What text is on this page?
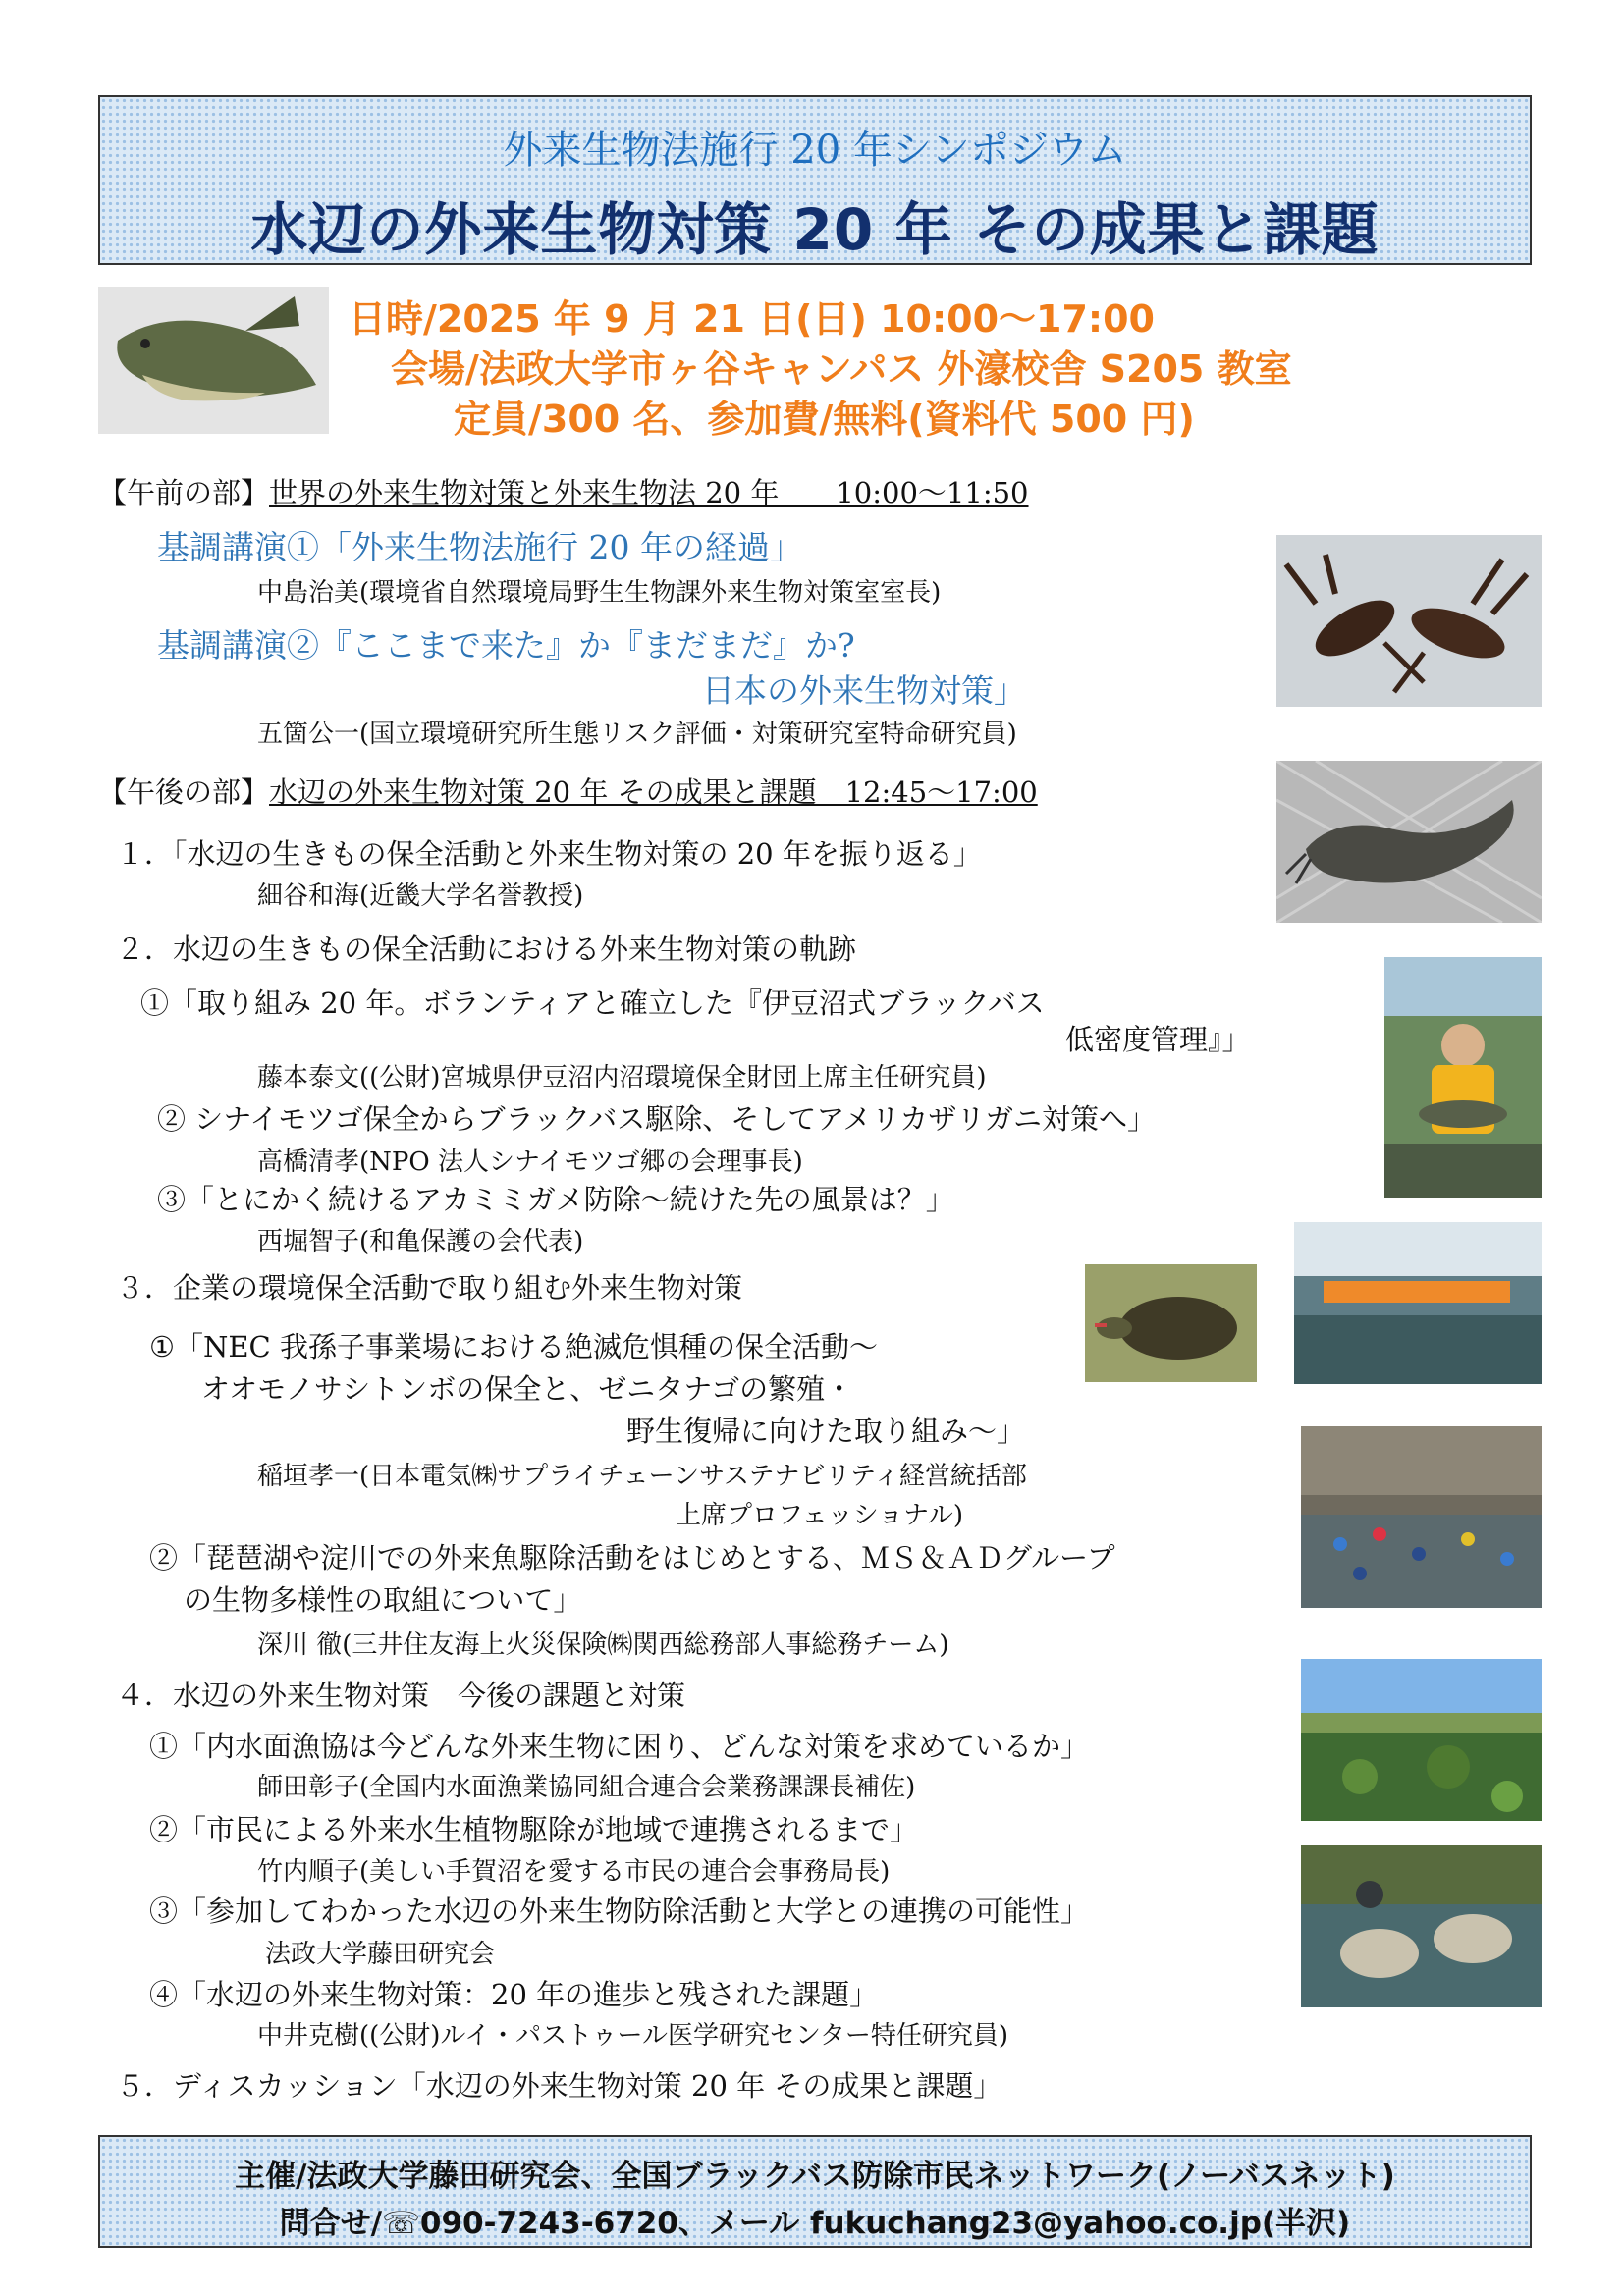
外来生物法施行 20 年シンポジウム
水辺の外来生物対策 20 年 その成果と課題
日時/2025 年 9 月 21 日(日) 10:00～17:00
会場/法政大学市ヶ谷キャンパス 外濠校舎 S205 教室
定員/300 名、参加費/無料(資料代 500 円)
【午前の部】世界の外来生物対策と外来生物法 20 年　　10:00～11:50
基調講演①「外来生物法施行 20 年の経過」
中島治美(環境省自然環境局野生生物課外来生物対策室室長)
基調講演②『ここまで来た』か『まだまだ』か?
日本の外来生物対策」
五箇公一(国立環境研究所生態リスク評価・対策研究室特命研究員)
【午後の部】水辺の外来生物対策 20 年 その成果と課題　12:45～17:00
１．「水辺の生きもの保全活動と外来生物対策の 20 年を振り返る」
細谷和海(近畿大学名誉教授)
２．水辺の生きもの保全活動における外来生物対策の軌跡
①「取り組み 20 年。ボランティアと確立した『伊豆沼式ブラックバス
低密度管理』」
藤本泰文((公財)宮城県伊豆沼内沼環境保全財団上席主任研究員)
② シナイモツゴ保全からブラックバス駆除、そしてアメリカザリガニ対策へ」
高橋清孝(NPO 法人シナイモツゴ郷の会理事長)
③「とにかく続けるアカミミガメ防除～続けた先の風景は？」
西堀智子(和亀保護の会代表)
３．企業の環境保全活動で取り組む外来生物対策
①「NEC 我孫子事業場における絶滅危惧種の保全活動～
オオモノサシトンボの保全と、ゼニタナゴの繁殖・
野生復帰に向けた取り組み～」
稲垣孝一(日本電気㈱サプライチェーンサステナビリティ経営統括部
上席プロフェッショナル)
②「琵琶湖や淀川での外来魚駆除活動をはじめとする、ＭＳ＆ＡＤグループ
の生物多様性の取組について」
深川 徹(三井住友海上火災保険㈱関西総務部人事総務チーム)
４．水辺の外来生物対策　今後の課題と対策
①「内水面漁協は今どんな外来生物に困り、どんな対策を求めているか」
師田彰子(全国内水面漁業協同組合連合会業務課課長補佐)
②「市民による外来水生植物駆除が地域で連携されるまで」
竹内順子(美しい手賀沼を愛する市民の連合会事務局長)
③「参加してわかった水辺の外来生物防除活動と大学との連携の可能性」
法政大学藤田研究会
④「水辺の外来生物対策：20 年の進歩と残された課題」
中井克樹((公財)ルイ・パストゥール医学研究センター特任研究員)
５．ディスカッション「水辺の外来生物対策 20 年 その成果と課題」
主催/法政大学藤田研究会、全国ブラックバス防除市民ネットワーク(ノーバスネット)
問合せ/☏090-7243-6720、メール fukuchang23@yahoo.co.jp(半沢)
